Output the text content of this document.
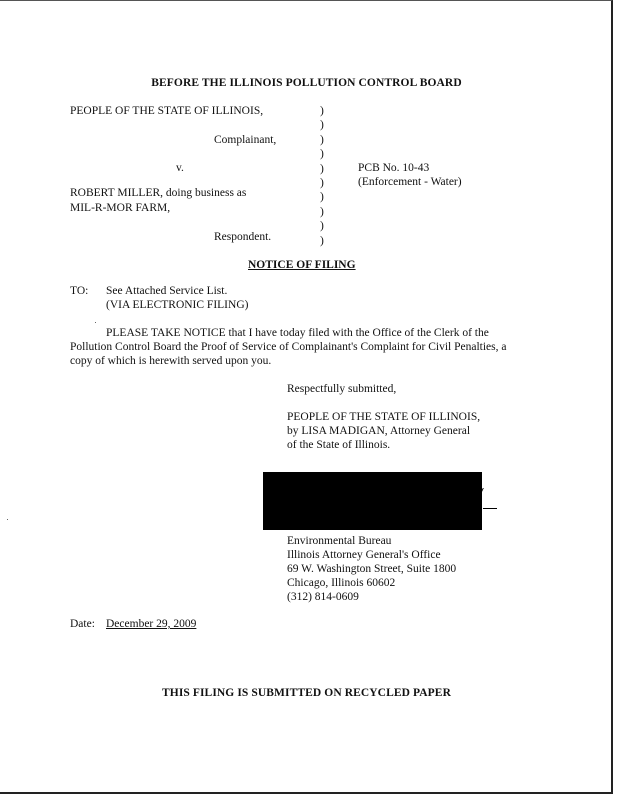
BEFORE THE ILLINOIS POLLUTION CONTROL BOARD
PEOPLE OF THE STATE OF ILLINOIS,
Complainant,
v.
ROBERT MILLER, doing business as
MIL-R-MOR FARM,
Respondent.
)
)
)
)
)
)
)
)
)
)
PCB No. 10-43
(Enforcement - Water)
NOTICE OF FILING
TO: See Attached Service List.
(VIA ELECTRONIC FILING)
PLEASE TAKE NOTICE that I have today filed with the Office of the Clerk of the
Pollution Control Board the Proof of Service of Complainant's Complaint for Civil Penalties, a
copy of which is herewith served upon you.
Respectfully submitted,
PEOPLE OF THE STATE OF ILLINOIS,
by LISA MADIGAN, Attorney General
of the State of Illinois.
Environmental Bureau
Illinois Attorney General's Office
69 W. Washington Street, Suite 1800
Chicago, Illinois 60602
(312) 814-0609
Date: December 29, 2009
THIS FILING IS SUBMITTED ON RECYCLED PAPER
